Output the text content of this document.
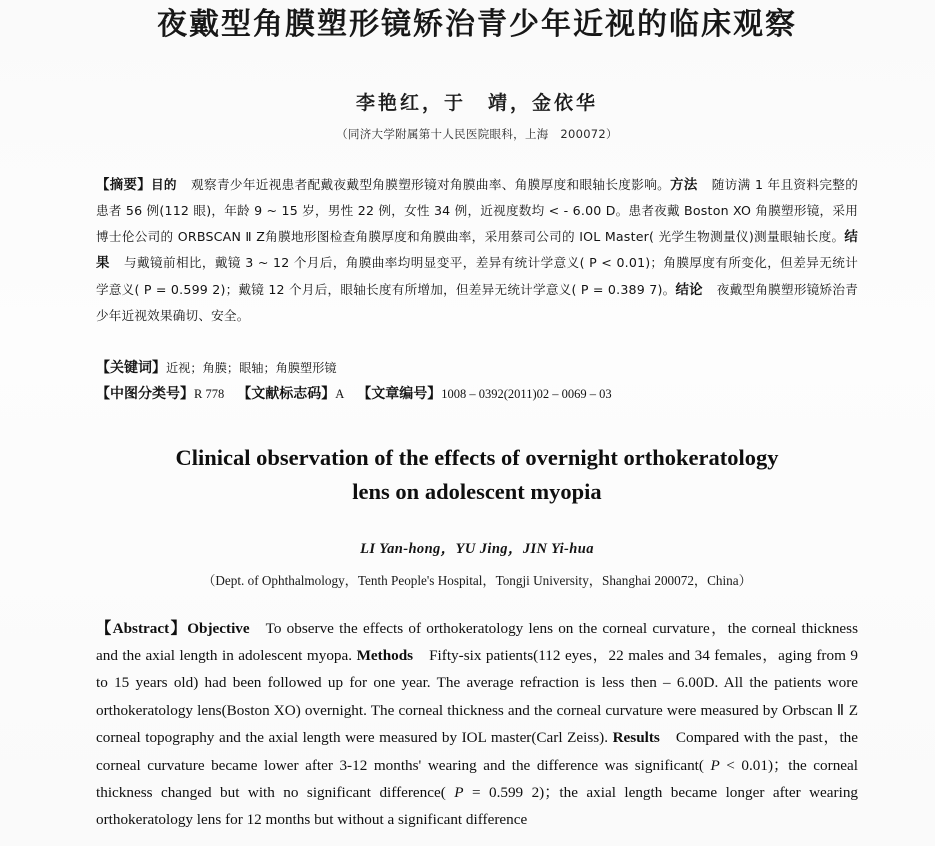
夜戴型角膜塑形镜矫治青少年近视的临床观察
李艳红，于　靖，金依华
（同济大学附属第十人民医院眼科，上海　200072）
【摘要】目的 观察青少年近视患者配戴夜戴型角膜塑形镜对角膜曲率、角膜厚度和眼轴长度影响。方法 随访满 1 年且资料完整的患者 56 例(112 眼)，年龄 9 ~ 15 岁，男性 22 例，女性 34 例，近视度数均 < - 6.00 D。患者夜戴 Boston XO 角膜塑形镜，采用博士伦公司的 ORBSCAN Ⅱ Z角膜地形图检查角膜厚度和角膜曲率，采用蔡司公司的 IOL Master( 光学生物测量仪)测量眼轴长度。结果 与戴镜前相比，戴镜 3 ~ 12 个月后，角膜曲率均明显变平，差异有统计学意义( P < 0.01)；角膜厚度有所变化，但差异无统计学意义( P = 0.599 2)；戴镜 12 个月后，眼轴长度有所增加，但差异无统计学意义( P = 0.389 7)。结论 夜戴型角膜塑形镜矫治青少年近视效果确切、安全。
【关键词】近视；角膜；眼轴；角膜塑形镜
【中图分类号】R 778 【文献标志码】A 【文章编号】1008 – 0392(2011)02 – 0069 – 03
Clinical observation of the effects of overnight orthokeratology
lens on adolescent myopia
LI Yan-hong，YU Jing，JIN Yi-hua
（Dept. of Ophthalmology，Tenth People's Hospital，Tongji University，Shanghai 200072，China）
【Abstract】Objective To observe the effects of orthokeratology lens on the corneal curvature，the corneal thickness and the axial length in adolescent myopa. Methods Fifty-six patients(112 eyes，22 males and 34 females，aging from 9 to 15 years old) had been followed up for one year. The average refraction is less then – 6.00D. All the patients wore orthokeratology lens(Boston XO) overnight. The corneal thickness and the corneal curvature were measured by Orbscan Ⅱ Z corneal topography and the axial length were measured by IOL master(Carl Zeiss). Results Compared with the past，the corneal curvature became lower after 3-12 months' wearing and the difference was significant( P < 0.01)；the corneal thickness changed but with no significant difference( P = 0.599 2)；the axial length became longer after wearing orthokeratology lens for 12 months but without a significant difference
